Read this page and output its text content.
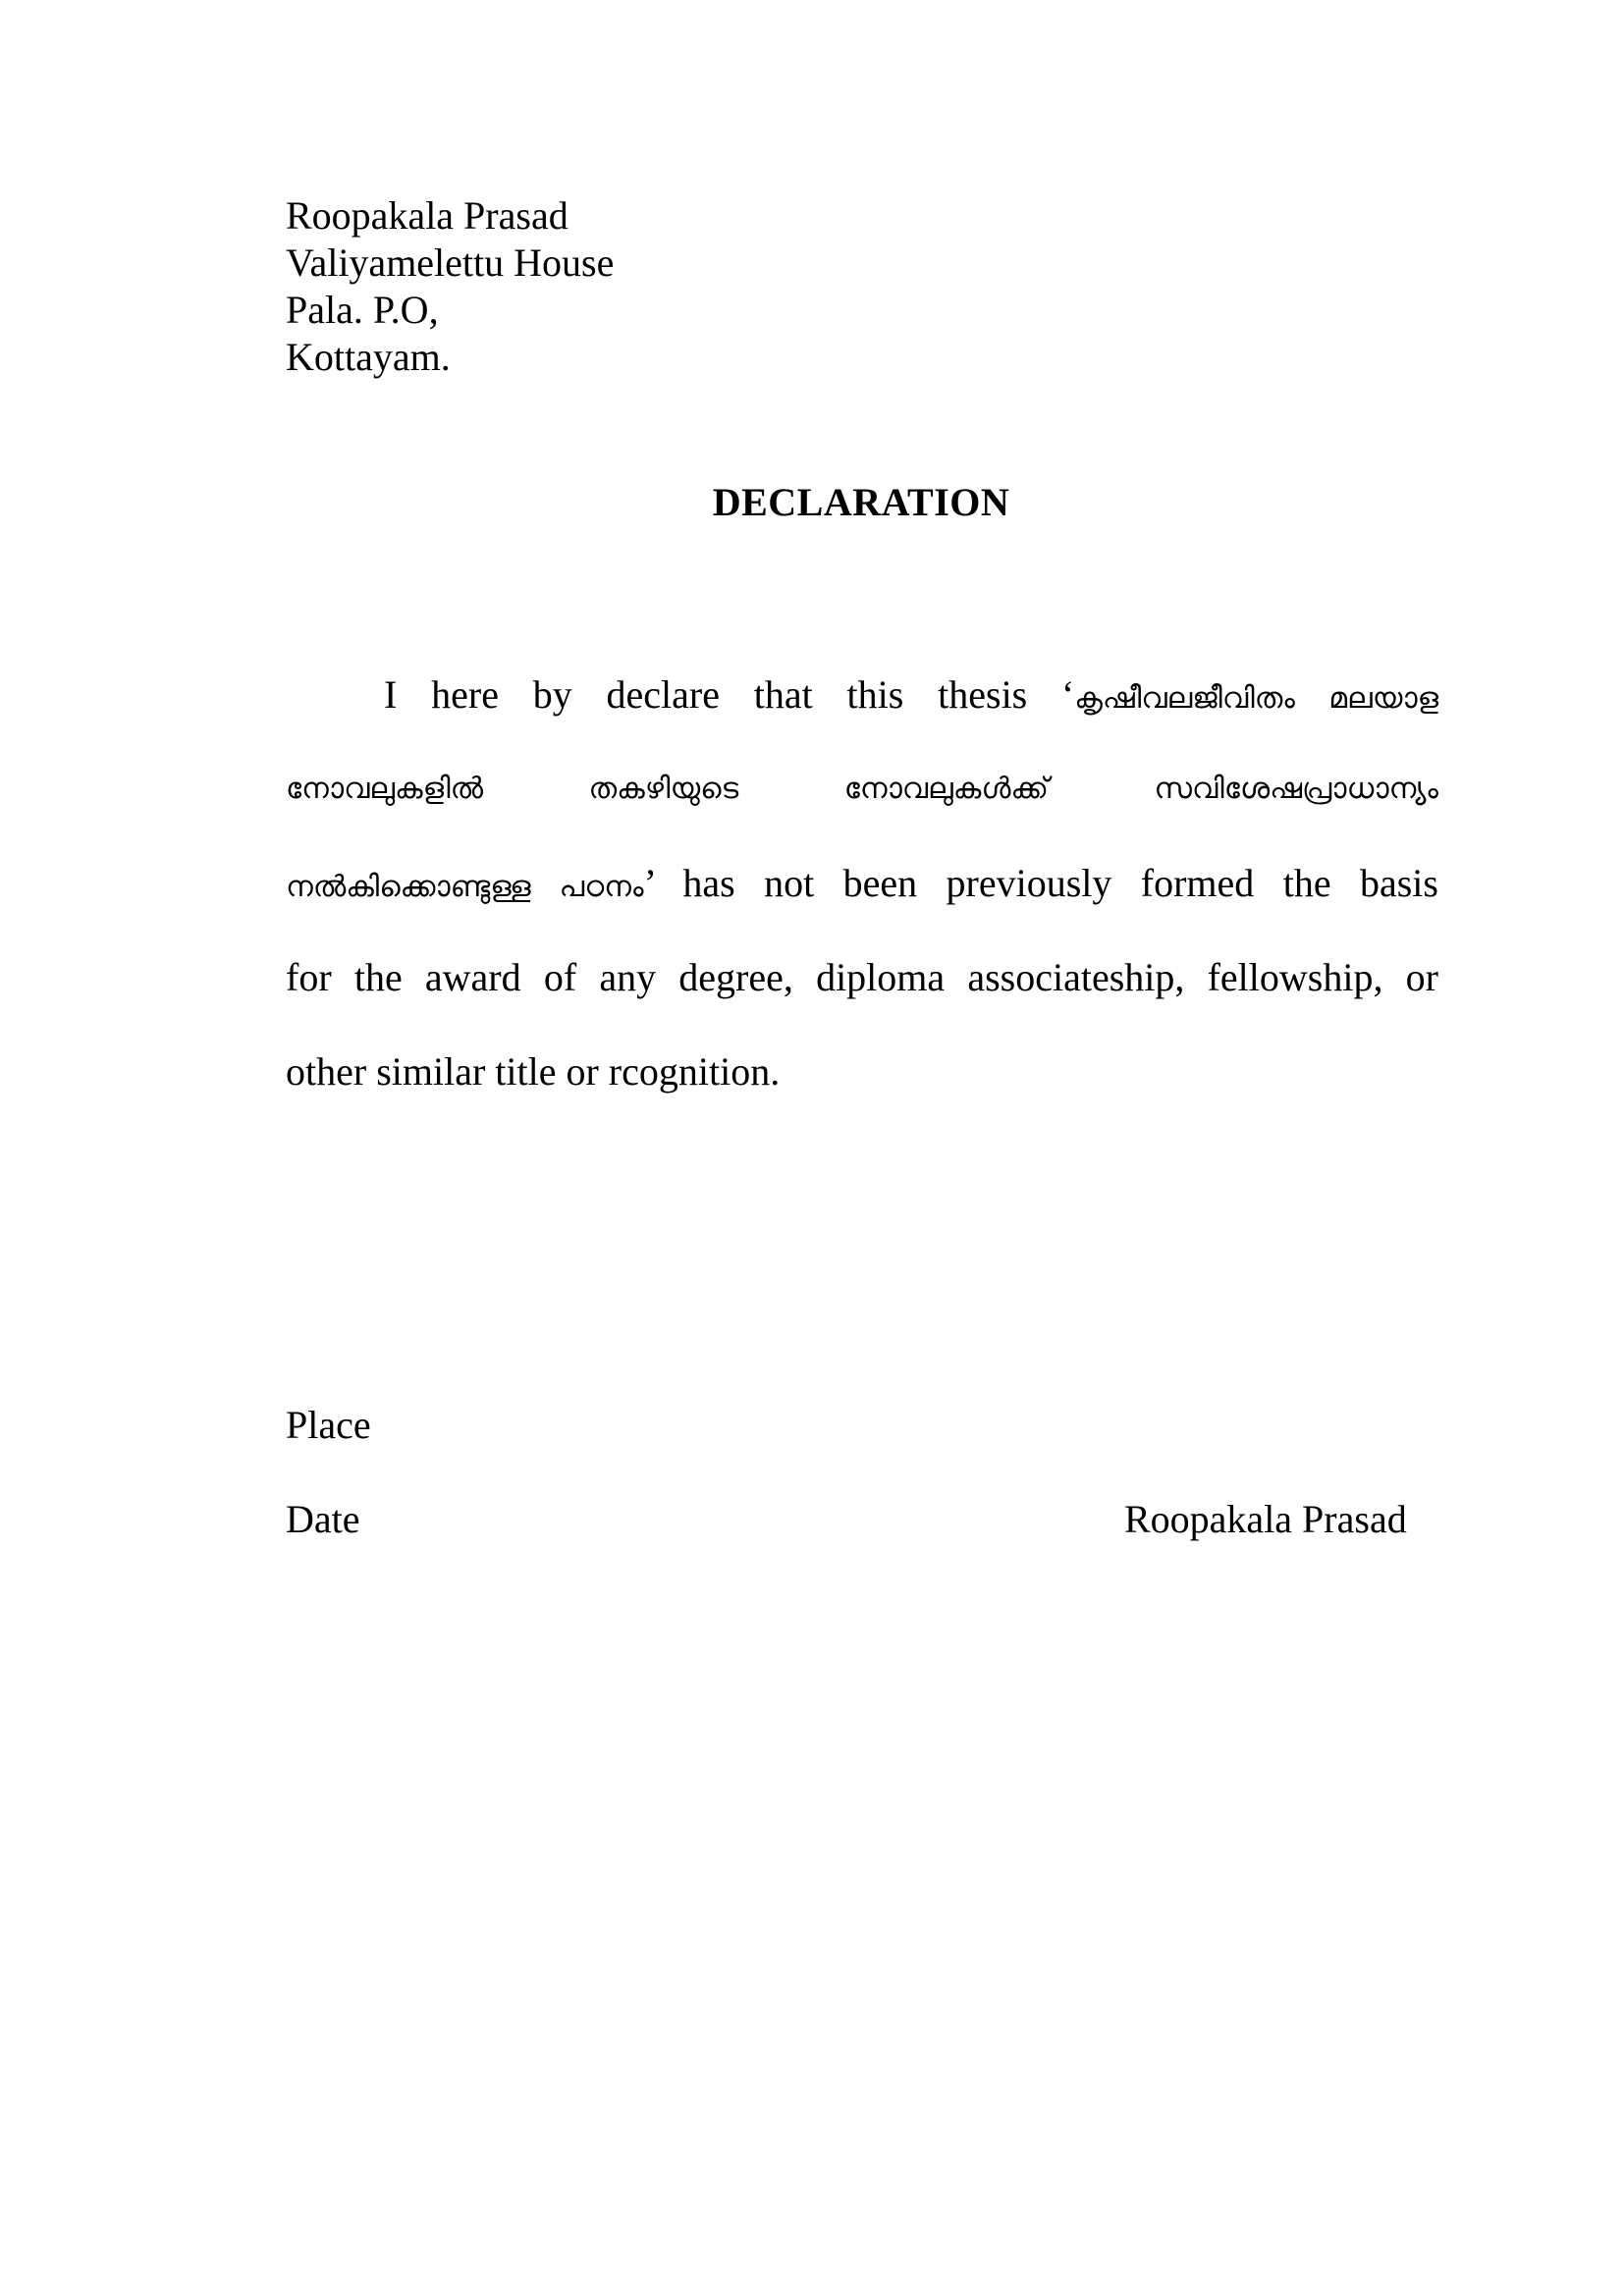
Roopakala Prasad
Valiyamelettu House
Pala. P.O,
Kottayam.
DECLARATION
I here by declare that this thesis ‘കൃഷീവലജീവിതം മലയാള
നോവലുകളിൽ തകഴിയുടെ നോവലുകൾക്ക് സവിശേഷപ്രാധാന്യം
നൽകിക്കൊണ്ടുള്ള പഠനം’ has not been previously formed the basis
for the award of any degree, diploma associateship, fellowship, or
other similar title or rcognition.
Place
Date	Roopakala Prasad
